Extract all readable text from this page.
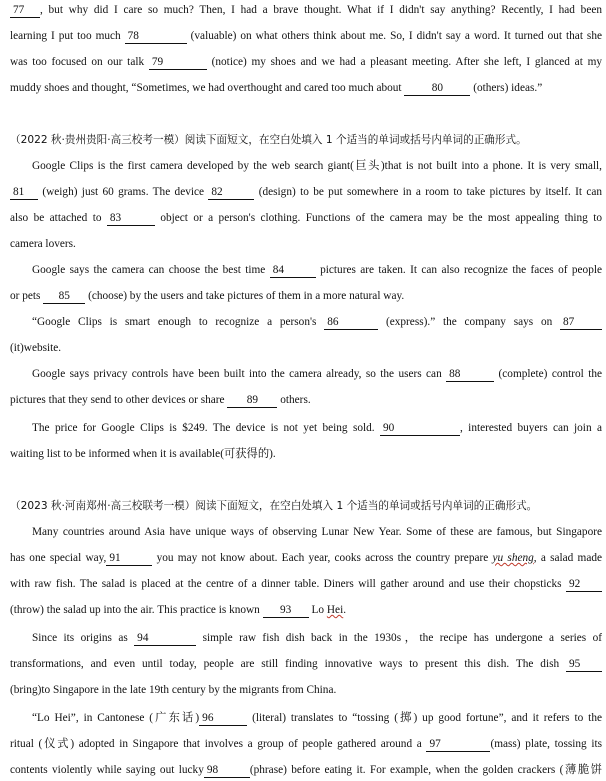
77 , but why did I care so much? Then, I had a brave thought. What if I didn't say anything? Recently, I had been
learning I put too much 78	(valuable) on what others think about me. So, I didn't say a word. It turned out that she
was too focused on our talk 79	(notice) my shoes and we had a pleasant meeting. After she left, I glanced at my
muddy shoes and thought, “Sometimes, we had overthought and cared too much about	80	(others) ideas.”
（2022 秋·贵州贵阳·高三校考一模）阅读下面短文，在空白处填入 1 个适当的单词或括号内单词的正确形式。
Google Clips is the first camera developed by the web search giant(巨头)that is not built into a phone. It is very small,
81 (weigh) just 60 grams. The device 82	(design) to be put somewhere in a room to take pictures by itself. It can
also be attached to 83	object or a person's clothing. Functions of the camera may be the most appealing thing to
camera lovers.
Google says the camera can choose the best time 84	pictures are taken. It can also recognize the faces of people
or pets 85 (choose) by the users and take pictures of them in a more natural way.
“Google Clips is smart enough to recognize a person's 86	(express).” the company says on 87
(it)website.
Google says privacy controls have been built into the camera already, so the users can 88	(complete) control the
pictures that they send to other devices or share 89 others.
The price for Google Clips is $249. The device is not yet being sold. 90	, interested buyers can join a
waiting list to be informed when it is available(可获得的).
（2023 秋·河南郑州·高三校联考一模）阅读下面短文，在空白处填入 1 个适当的单词或括号内单词的正确形式。
Many countries around Asia have unique ways of observing Lunar New Year. Some of these are famous, but Singapore
has one special way, 91	you may not know about. Each year, cooks across the country prepare yu sheng, a salad made
with raw fish. The salad is placed at the centre of a dinner table. Diners will gather around and use their chopsticks 92
(throw) the salad up into the air. This practice is known 93 Lo Hei.
Since its origins as 94	simple raw fish dish back in the 1930s，the recipe has undergone a series of
transformations, and even until today, people are still finding innovative ways to present this dish. The dish 95
(bring)to Singapore in the late 19th century by the migrants from China.
“Lo Hei”, in Cantonese (广东话) 96	(literal) translates to “tossing (掷) up good fortune”, and it refers to the
ritual (仪式) adopted in Singapore that involves a group of people gathered around a 97	(mass) plate, tossing its
contents violently while saying out lucky 98	(phrase) before eating it. For example, when the golden crackers (薄脆饼
